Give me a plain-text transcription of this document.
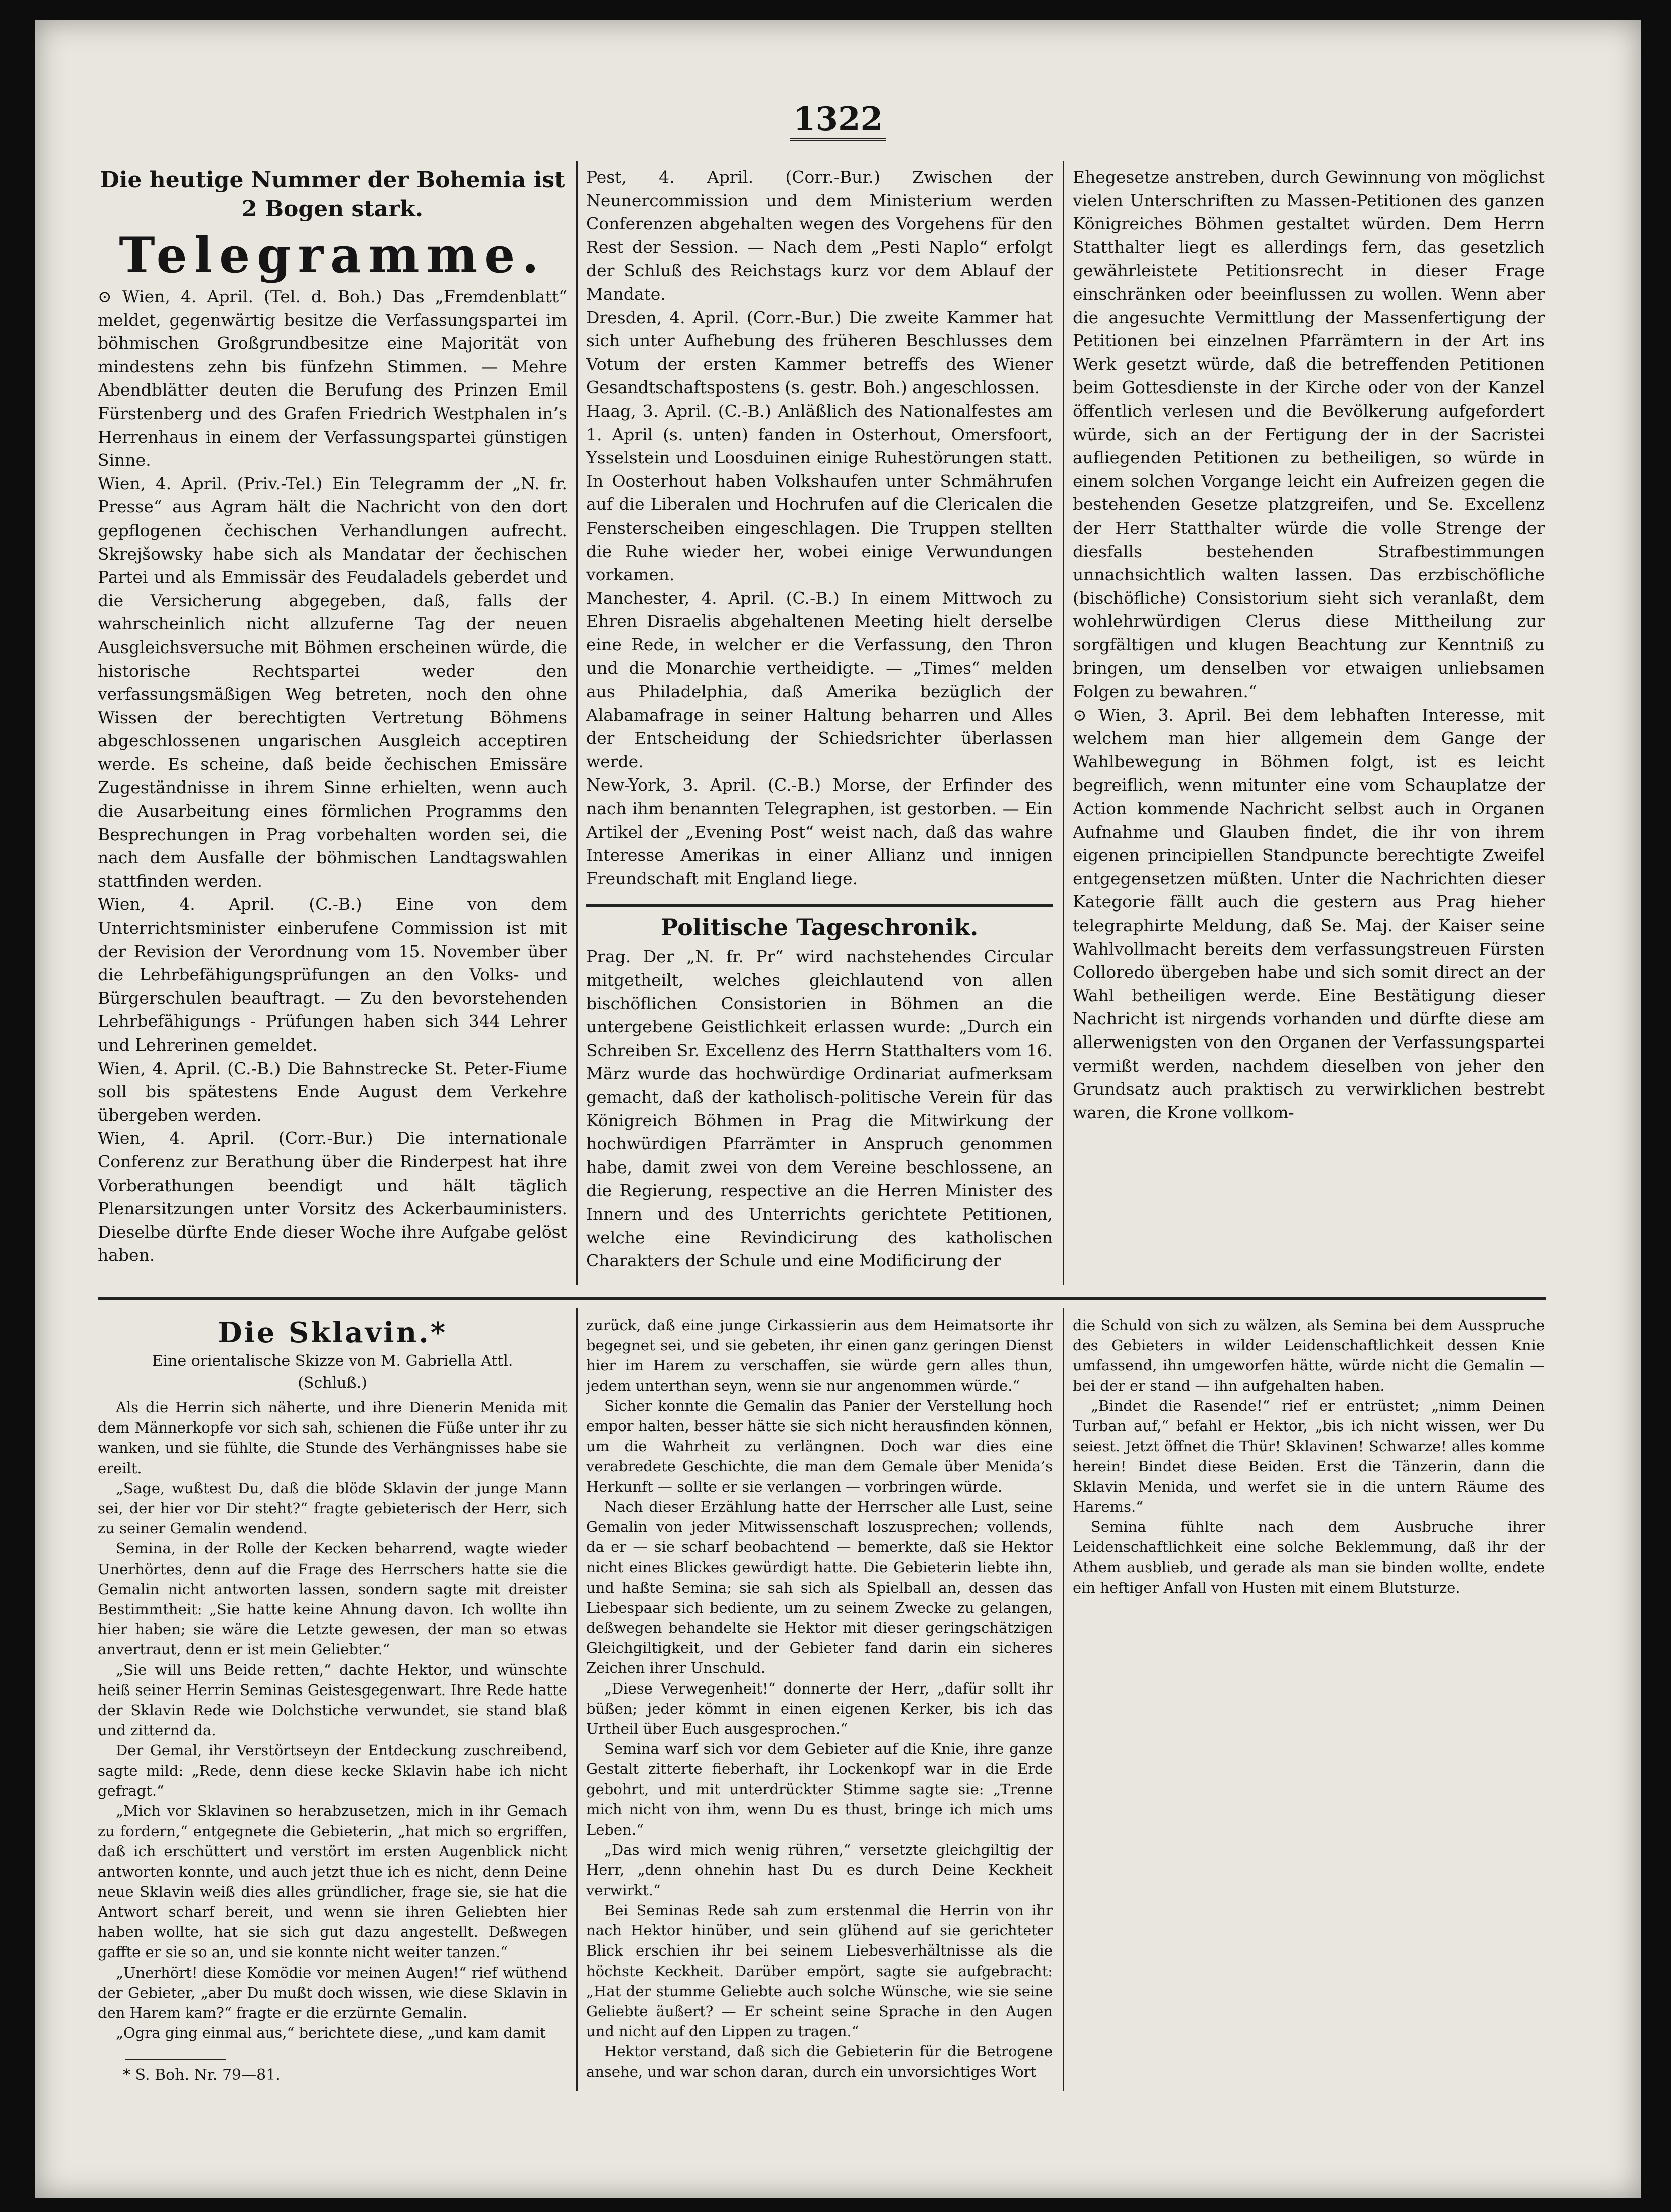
1322
Die heutige Nummer der Bohemia ist 2 Bogen stark.
Telegramme.

⊙ Wien, 4. April. (Tel. d. Boh.) Das „Fremdenblatt“ meldet, gegenwärtig besitze die Verfassungspartei im böhmischen Großgrundbesitze eine Majorität von mindestens zehn bis fünfzehn Stimmen. — Mehre Abendblätter deuten die Berufung des Prinzen Emil Fürstenberg und des Grafen Friedrich Westphalen in’s Herrenhaus in einem der Verfassungspartei günstigen Sinne.

Wien, 4. April. (Priv.-Tel.) Ein Telegramm der „N. fr. Presse“ aus Agram hält die Nachricht von den dort gepflogenen čechischen Verhandlungen aufrecht. Skrejšowsky habe sich als Mandatar der čechischen Partei und als Emmissär des Feudaladels geberdet und die Versicherung abgegeben, daß, falls der wahrscheinlich nicht allzuferne Tag der neuen Ausgleichsversuche mit Böhmen erscheinen würde, die historische Rechtspartei weder den verfassungsmäßigen Weg betreten, noch den ohne Wissen der berechtigten Vertretung Böhmens abgeschlossenen ungarischen Ausgleich acceptiren werde. Es scheine, daß beide čechischen Emissäre Zugeständnisse in ihrem Sinne erhielten, wenn auch die Ausarbeitung eines förmlichen Programms den Besprechungen in Prag vorbehalten worden sei, die nach dem Ausfalle der böhmischen Landtagswahlen stattfinden werden.

Wien, 4. April. (C.-B.) Eine von dem Unterrichtsminister einberufene Commission ist mit der Revision der Verordnung vom 15. November über die Lehrbefähigungsprüfungen an den Volks- und Bürgerschulen beauftragt. — Zu den bevorstehenden Lehrbefähigungs - Prüfungen haben sich 344 Lehrer und Lehrerinen gemeldet.

Wien, 4. April. (C.-B.) Die Bahnstrecke St. Peter-Fiume soll bis spätestens Ende August dem Verkehre übergeben werden.

Wien, 4. April. (Corr.-Bur.) Die internationale Conferenz zur Berathung über die Rinderpest hat ihre Vorberathungen beendigt und hält täglich Plenarsitzungen unter Vorsitz des Ackerbauministers. Dieselbe dürfte Ende dieser Woche ihre Aufgabe gelöst haben.

Pest, 4. April. (Corr.-Bur.) Zwischen der Neunercommission und dem Ministerium werden Conferenzen abgehalten wegen des Vorgehens für den Rest der Session. — Nach dem „Pesti Naplo“ erfolgt der Schluß des Reichstags kurz vor dem Ablauf der Mandate.

Dresden, 4. April. (Corr.-Bur.) Die zweite Kammer hat sich unter Aufhebung des früheren Beschlusses dem Votum der ersten Kammer betreffs des Wiener Gesandtschaftspostens (s. gestr. Boh.) angeschlossen.

Haag, 3. April. (C.-B.) Anläßlich des Nationalfestes am 1. April (s. unten) fanden in Osterhout, Omersfoort, Ysselstein und Loosduinen einige Ruhestörungen statt. In Oosterhout haben Volkshaufen unter Schmährufen auf die Liberalen und Hochrufen auf die Clericalen die Fensterscheiben eingeschlagen. Die Truppen stellten die Ruhe wieder her, wobei einige Verwundungen vorkamen.

Manchester, 4. April. (C.-B.) In einem Mittwoch zu Ehren Disraelis abgehaltenen Meeting hielt derselbe eine Rede, in welcher er die Verfassung, den Thron und die Monarchie vertheidigte. — „Times“ melden aus Philadelphia, daß Amerika bezüglich der Alabamafrage in seiner Haltung beharren und Alles der Entscheidung der Schiedsrichter überlassen werde.

New-York, 3. April. (C.-B.) Morse, der Erfinder des nach ihm benannten Telegraphen, ist gestorben. — Ein Artikel der „Evening Post“ weist nach, daß das wahre Interesse Amerikas in einer Allianz und innigen Freundschaft mit England liege.

Politische Tageschronik.

Prag. Der „N. fr. Pr“ wird nachstehendes Circular mitgetheilt, welches gleichlautend von allen bischöflichen Consistorien in Böhmen an die untergebene Geistlichkeit erlassen wurde: „Durch ein Schreiben Sr. Excellenz des Herrn Statthalters vom 16. März wurde das hochwürdige Ordinariat aufmerksam gemacht, daß der katholisch-politische Verein für das Königreich Böhmen in Prag die Mitwirkung der hochwürdigen Pfarrämter in Anspruch genommen habe, damit zwei von dem Vereine beschlossene, an die Regierung, respective an die Herren Minister des Innern und des Unterrichts gerichtete Petitionen, welche eine Revindicirung des katholischen Charakters der Schule und eine Modificirung der

Ehegesetze anstreben, durch Gewinnung von möglichst vielen Unterschriften zu Massen-Petitionen des ganzen Königreiches Böhmen gestaltet würden. Dem Herrn Statthalter liegt es allerdings fern, das gesetzlich gewährleistete Petitionsrecht in dieser Frage einschränken oder beeinflussen zu wollen. Wenn aber die angesuchte Vermittlung der Massenfertigung der Petitionen bei einzelnen Pfarrämtern in der Art ins Werk gesetzt würde, daß die betreffenden Petitionen beim Gottesdienste in der Kirche oder von der Kanzel öffentlich verlesen und die Bevölkerung aufgefordert würde, sich an der Fertigung der in der Sacristei aufliegenden Petitionen zu betheiligen, so würde in einem solchen Vorgange leicht ein Aufreizen gegen die bestehenden Gesetze platzgreifen, und Se. Excellenz der Herr Statthalter würde die volle Strenge der diesfalls bestehenden Strafbestimmungen unnachsichtlich walten lassen. Das erzbischöfliche (bischöfliche) Consistorium sieht sich veranlaßt, dem wohlehrwürdigen Clerus diese Mittheilung zur sorgfältigen und klugen Beachtung zur Kenntniß zu bringen, um denselben vor etwaigen unliebsamen Folgen zu bewahren.“

⊙ Wien, 3. April. Bei dem lebhaften Interesse, mit welchem man hier allgemein dem Gange der Wahlbewegung in Böhmen folgt, ist es leicht begreiflich, wenn mitunter eine vom Schauplatze der Action kommende Nachricht selbst auch in Organen Aufnahme und Glauben findet, die ihr von ihrem eigenen principiellen Standpuncte berechtigte Zweifel entgegensetzen müßten. Unter die Nachrichten dieser Kategorie fällt auch die gestern aus Prag hieher telegraphirte Meldung, daß Se. Maj. der Kaiser seine Wahlvollmacht bereits dem verfassungstreuen Fürsten Colloredo übergeben habe und sich somit direct an der Wahl betheiligen werde. Eine Bestätigung dieser Nachricht ist nirgends vorhanden und dürfte diese am allerwenigsten von den Organen der Verfassungspartei vermißt werden, nachdem dieselben von jeher den Grundsatz auch praktisch zu verwirklichen bestrebt waren, die Krone vollkom-

Die Sklavin.*
Eine orientalische Skizze von M. Gabriella Attl.
(Schluß.)

Als die Herrin sich näherte, und ihre Dienerin Menida mit dem Männerkopfe vor sich sah, schienen die Füße unter ihr zu wanken, und sie fühlte, die Stunde des Verhängnisses habe sie ereilt.

„Sage, wußtest Du, daß die blöde Sklavin der junge Mann sei, der hier vor Dir steht?“ fragte gebieterisch der Herr, sich zu seiner Gemalin wendend.

Semina, in der Rolle der Kecken beharrend, wagte wieder Unerhörtes, denn auf die Frage des Herrschers hatte sie die Gemalin nicht antworten lassen, sondern sagte mit dreister Bestimmtheit: „Sie hatte keine Ahnung davon. Ich wollte ihn hier haben; sie wäre die Letzte gewesen, der man so etwas anvertraut, denn er ist mein Geliebter.“

„Sie will uns Beide retten,“ dachte Hektor, und wünschte heiß seiner Herrin Seminas Geistesgegenwart. Ihre Rede hatte der Sklavin Rede wie Dolchstiche verwundet, sie stand blaß und zitternd da.

Der Gemal, ihr Verstörtseyn der Entdeckung zuschreibend, sagte mild: „Rede, denn diese kecke Sklavin habe ich nicht gefragt.“

„Mich vor Sklavinen so herabzusetzen, mich in ihr Gemach zu fordern,“ entgegnete die Gebieterin, „hat mich so ergriffen, daß ich erschüttert und verstört im ersten Augenblick nicht antworten konnte, und auch jetzt thue ich es nicht, denn Deine neue Sklavin weiß dies alles gründlicher, frage sie, sie hat die Antwort scharf bereit, und wenn sie ihren Geliebten hier haben wollte, hat sie sich gut dazu angestellt. Deßwegen gaffte er sie so an, und sie konnte nicht weiter tanzen.“

„Unerhört! diese Komödie vor meinen Augen!“ rief wüthend der Gebieter, „aber Du mußt doch wissen, wie diese Sklavin in den Harem kam?“ fragte er die erzürnte Gemalin.

„Ogra ging einmal aus,“ berichtete diese, „und kam damit

zurück, daß eine junge Cirkassierin aus dem Heimatsorte ihr begegnet sei, und sie gebeten, ihr einen ganz geringen Dienst hier im Harem zu verschaffen, sie würde gern alles thun, jedem unterthan seyn, wenn sie nur angenommen würde.“

Sicher konnte die Gemalin das Panier der Verstellung hoch empor halten, besser hätte sie sich nicht herausfinden können, um die Wahrheit zu verlängnen. Doch war dies eine verabredete Geschichte, die man dem Gemale über Menida’s Herkunft — sollte er sie verlangen — vorbringen würde.

Nach dieser Erzählung hatte der Herrscher alle Lust, seine Gemalin von jeder Mitwissenschaft loszusprechen; vollends, da er — sie scharf beobachtend — bemerkte, daß sie Hektor nicht eines Blickes gewürdigt hatte. Die Gebieterin liebte ihn, und haßte Semina; sie sah sich als Spielball an, dessen das Liebespaar sich bediente, um zu seinem Zwecke zu gelangen, deßwegen behandelte sie Hektor mit dieser geringschätzigen Gleichgiltigkeit, und der Gebieter fand darin ein sicheres Zeichen ihrer Unschuld.

„Diese Verwegenheit!“ donnerte der Herr, „dafür sollt ihr büßen; jeder kömmt in einen eigenen Kerker, bis ich das Urtheil über Euch ausgesprochen.“

Semina warf sich vor dem Gebieter auf die Knie, ihre ganze Gestalt zitterte fieberhaft, ihr Lockenkopf war in die Erde gebohrt, und mit unterdrückter Stimme sagte sie: „Trenne mich nicht von ihm, wenn Du es thust, bringe ich mich ums Leben.“

„Das wird mich wenig rühren,“ versetzte gleichgiltig der Herr, „denn ohnehin hast Du es durch Deine Keckheit verwirkt.“

Bei Seminas Rede sah zum erstenmal die Herrin von ihr nach Hektor hinüber, und sein glühend auf sie gerichteter Blick erschien ihr bei seinem Liebesverhältnisse als die höchste Keckheit. Darüber empört, sagte sie aufgebracht: „Hat der stumme Geliebte auch solche Wünsche, wie sie seine Geliebte äußert? — Er scheint seine Sprache in den Augen und nicht auf den Lippen zu tragen.“

Hektor verstand, daß sich die Gebieterin für die Betrogene ansehe, und war schon daran, durch ein unvorsichtiges Wort

die Schuld von sich zu wälzen, als Semina bei dem Ausspruche des Gebieters in wilder Leidenschaftlichkeit dessen Knie umfassend, ihn umgeworfen hätte, würde nicht die Gemalin — bei der er stand — ihn aufgehalten haben.

„Bindet die Rasende!“ rief er entrüstet; „nimm Deinen Turban auf,“ befahl er Hektor, „bis ich nicht wissen, wer Du seiest. Jetzt öffnet die Thür! Sklavinen! Schwarze! alles komme herein! Bindet diese Beiden. Erst die Tänzerin, dann die Sklavin Menida, und werfet sie in die untern Räume des Harems.“

Semina fühlte nach dem Ausbruche ihrer Leidenschaftlichkeit eine solche Beklemmung, daß ihr der Athem ausblieb, und gerade als man sie binden wollte, endete ein heftiger Anfall von Husten mit einem Blutsturze.

* S. Boh. Nr. 79—81.
